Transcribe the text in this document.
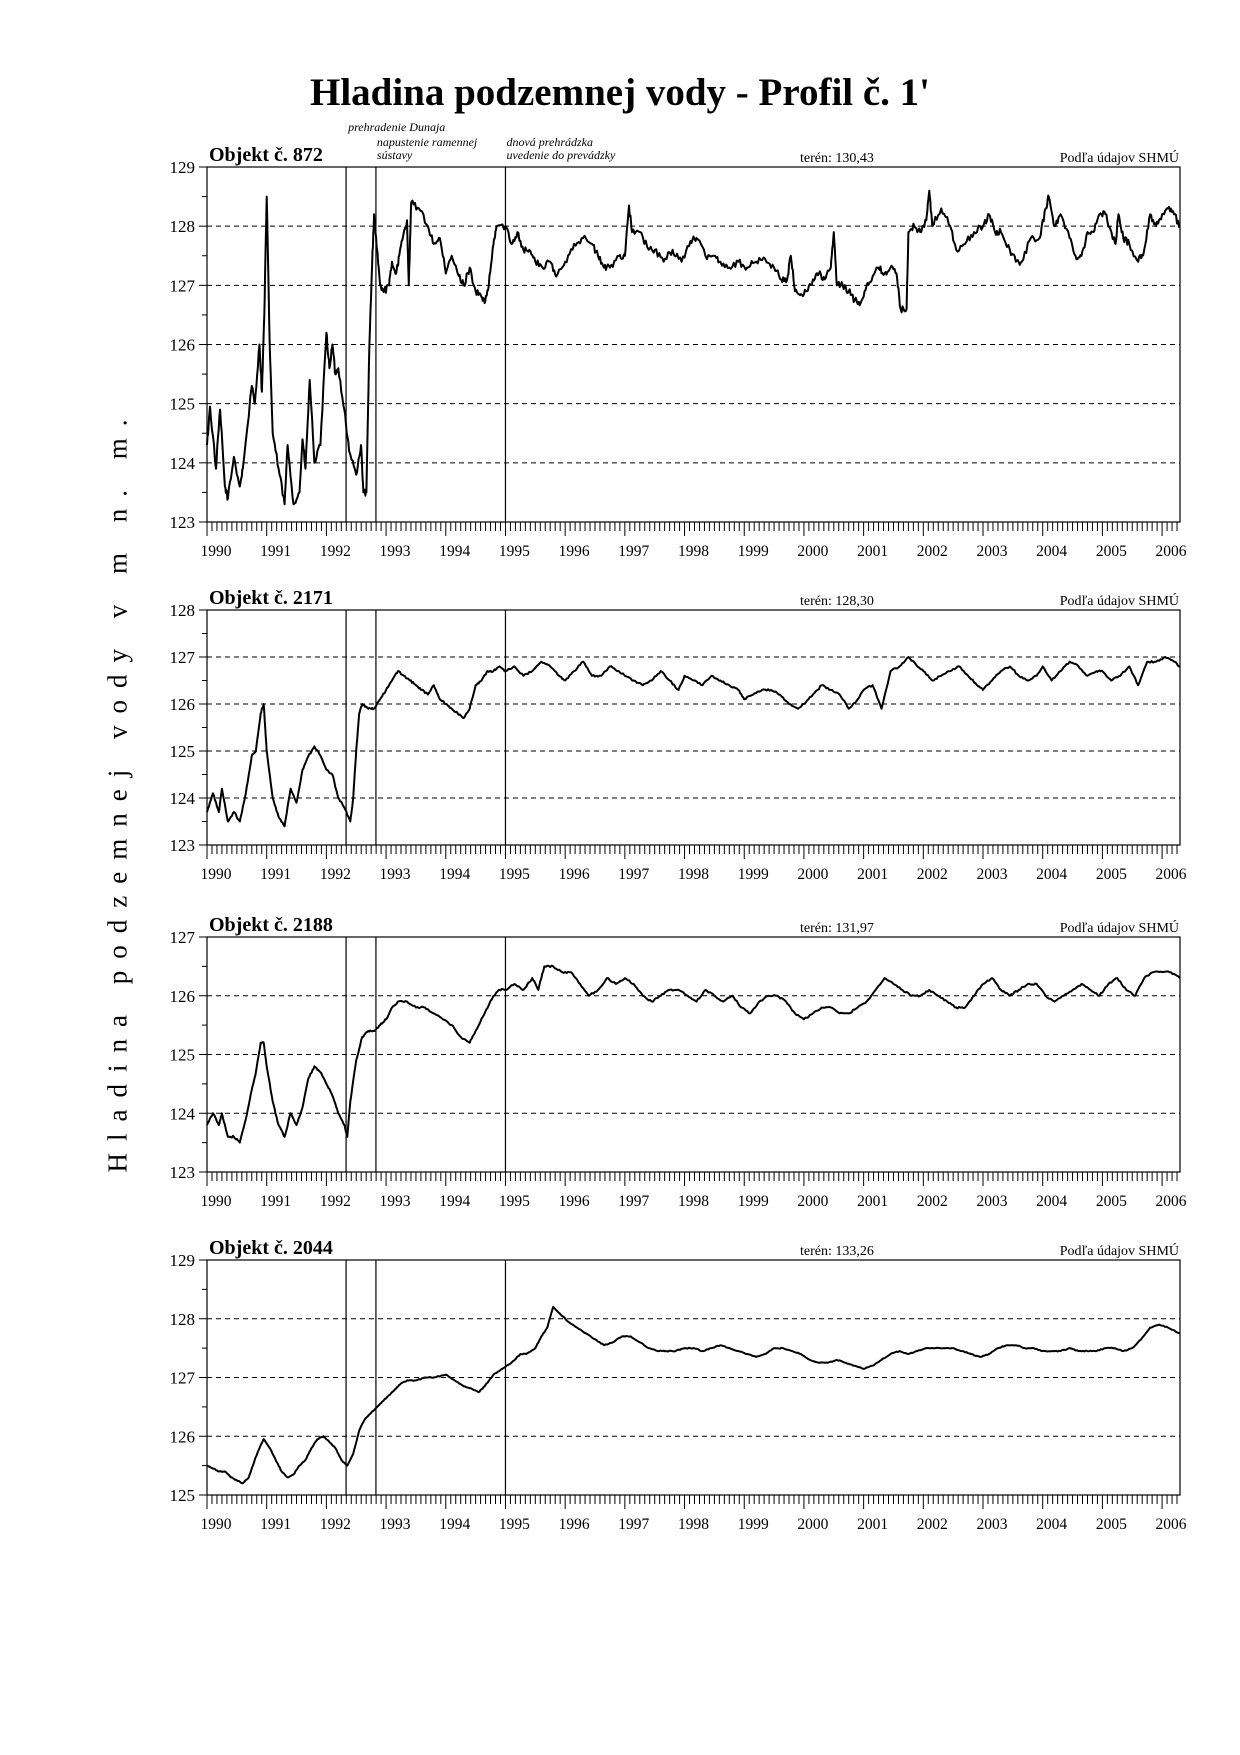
Hladina podzemnej vody - Profil č. 1'
Hladina podzemnej vody v m n. m. 123
124
125
126
127
128
129
1990 1991 1992 1993 1994 1995 1996 1997 1998 1999 2000 2001 2002 2003 2004 2005 2006
Objekt č. 872	terén: 130,43	Podľa údajov SHMÚ
123
124
125
126
127
128
1990 1991 1992 1993 1994 1995 1996 1997 1998 1999 2000 2001 2002 2003 2004 2005 2006
Objekt č. 2171	terén: 128,30	Podľa údajov SHMÚ
123
124
125
126
127
1990 1991 1992 1993 1994 1995 1996 1997 1998 1999 2000 2001 2002 2003 2004 2005 2006
Objekt č. 2188	terén: 131,97	Podľa údajov SHMÚ
125
126
127
128
129
1990 1991 1992 1993 1994 1995 1996 1997 1998 1999 2000 2001 2002 2003 2004 2005 2006
Objekt č. 2044	terén: 133,26	Podľa údajov SHMÚ
prehradenie Dunaja
napustenie ramennej
sústavy
dnová prehrádzka
uvedenie do prevádzky
